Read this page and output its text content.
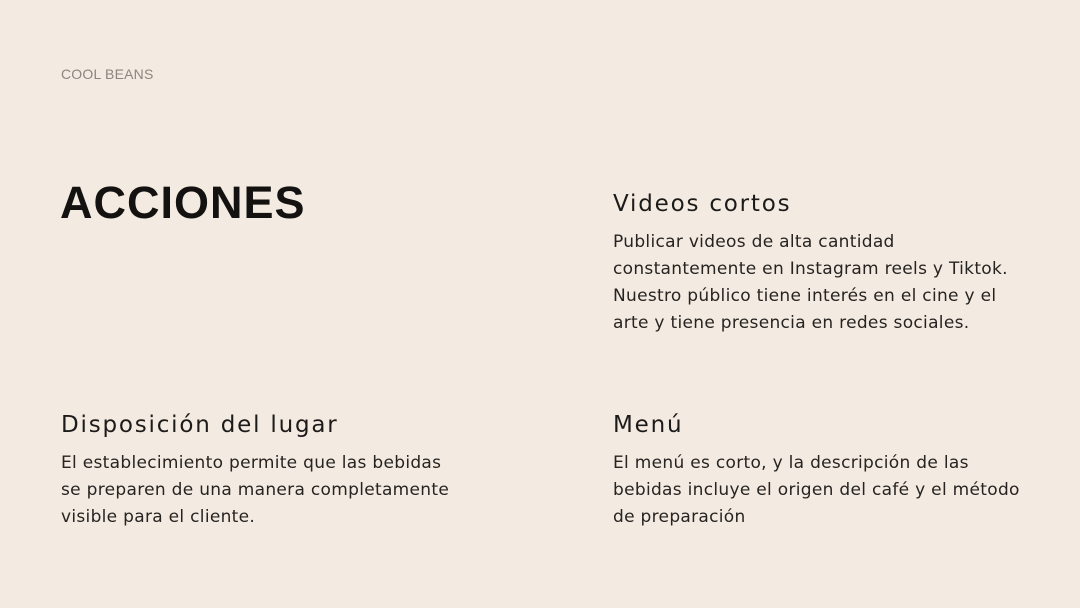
COOL BEANS
ACCIONES	Videos cortos

Publicar videos de alta cantidad constantemente en Instagram reels y Tiktok. Nuestro público tiene interés en el cine y el arte y tiene presencia en redes sociales.

Disposición del lugar

El establecimiento permite que las bebidas se preparen de una manera completamente visible para el cliente.

Menú

El menú es corto, y la descripción de las bebidas incluye el origen del café y el método de preparación
